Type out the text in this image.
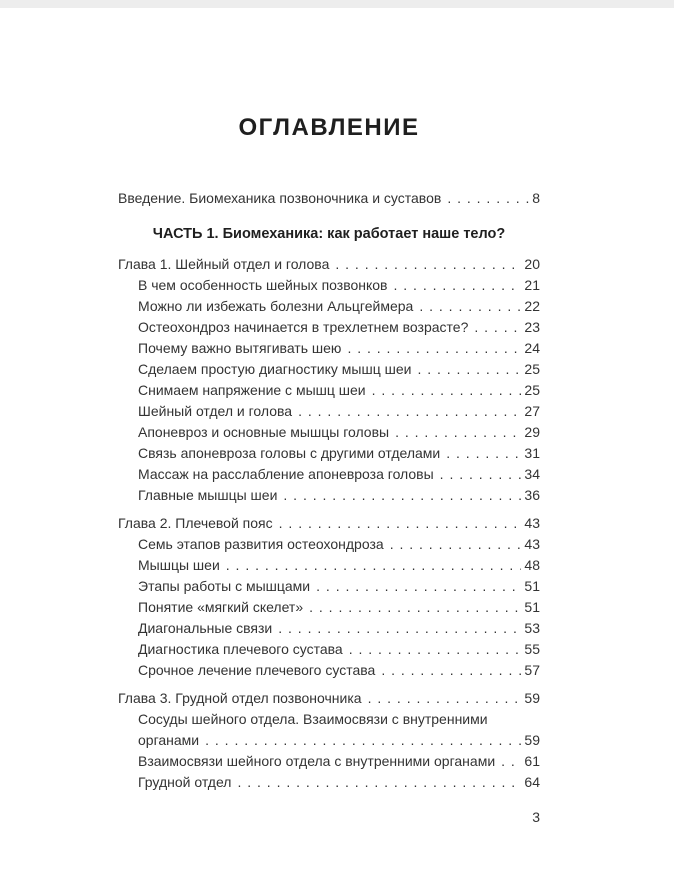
ОГЛАВЛЕНИЕ
Введение. Биомеханика позвоночника и суставов . . .	8
ЧАСТЬ 1. Биомеханика: как работает наше тело?
Глава 1. Шейный отдел и голова . . .	20
В чем особенность шейных позвонков . . .	21
Можно ли избежать болезни Альцгеймера . . .	22
Остеохондроз начинается в трехлетнем возрасте? . . .	23
Почему важно вытягивать шею . . .	24
Сделаем простую диагностику мышц шеи . . .	25
Снимаем напряжение с мышц шеи . . .	25
Шейный отдел и голова . . .	27
Апоневроз и основные мышцы головы . . .	29
Связь апоневроза головы с другими отделами . . .	31
Массаж на расслабление апоневроза головы . . .	34
Главные мышцы шеи . . .	36
Глава 2. Плечевой пояс . . .	43
Семь этапов развития остеохондроза . . .	43
Мышцы шеи . . .	48
Этапы работы с мышцами . . .	51
Понятие «мягкий скелет» . . .	51
Диагональные связи . . .	53
Диагностика плечевого сустава . . .	55
Срочное лечение плечевого сустава . . .	57
Глава 3. Грудной отдел позвоночника . . .	59
Сосуды шейного отдела. Взаимосвязи с внутренними
органами . . .	59
Взаимосвязи шейного отдела с внутренними органами . . . 61
Грудной отдел . . .	64
3
